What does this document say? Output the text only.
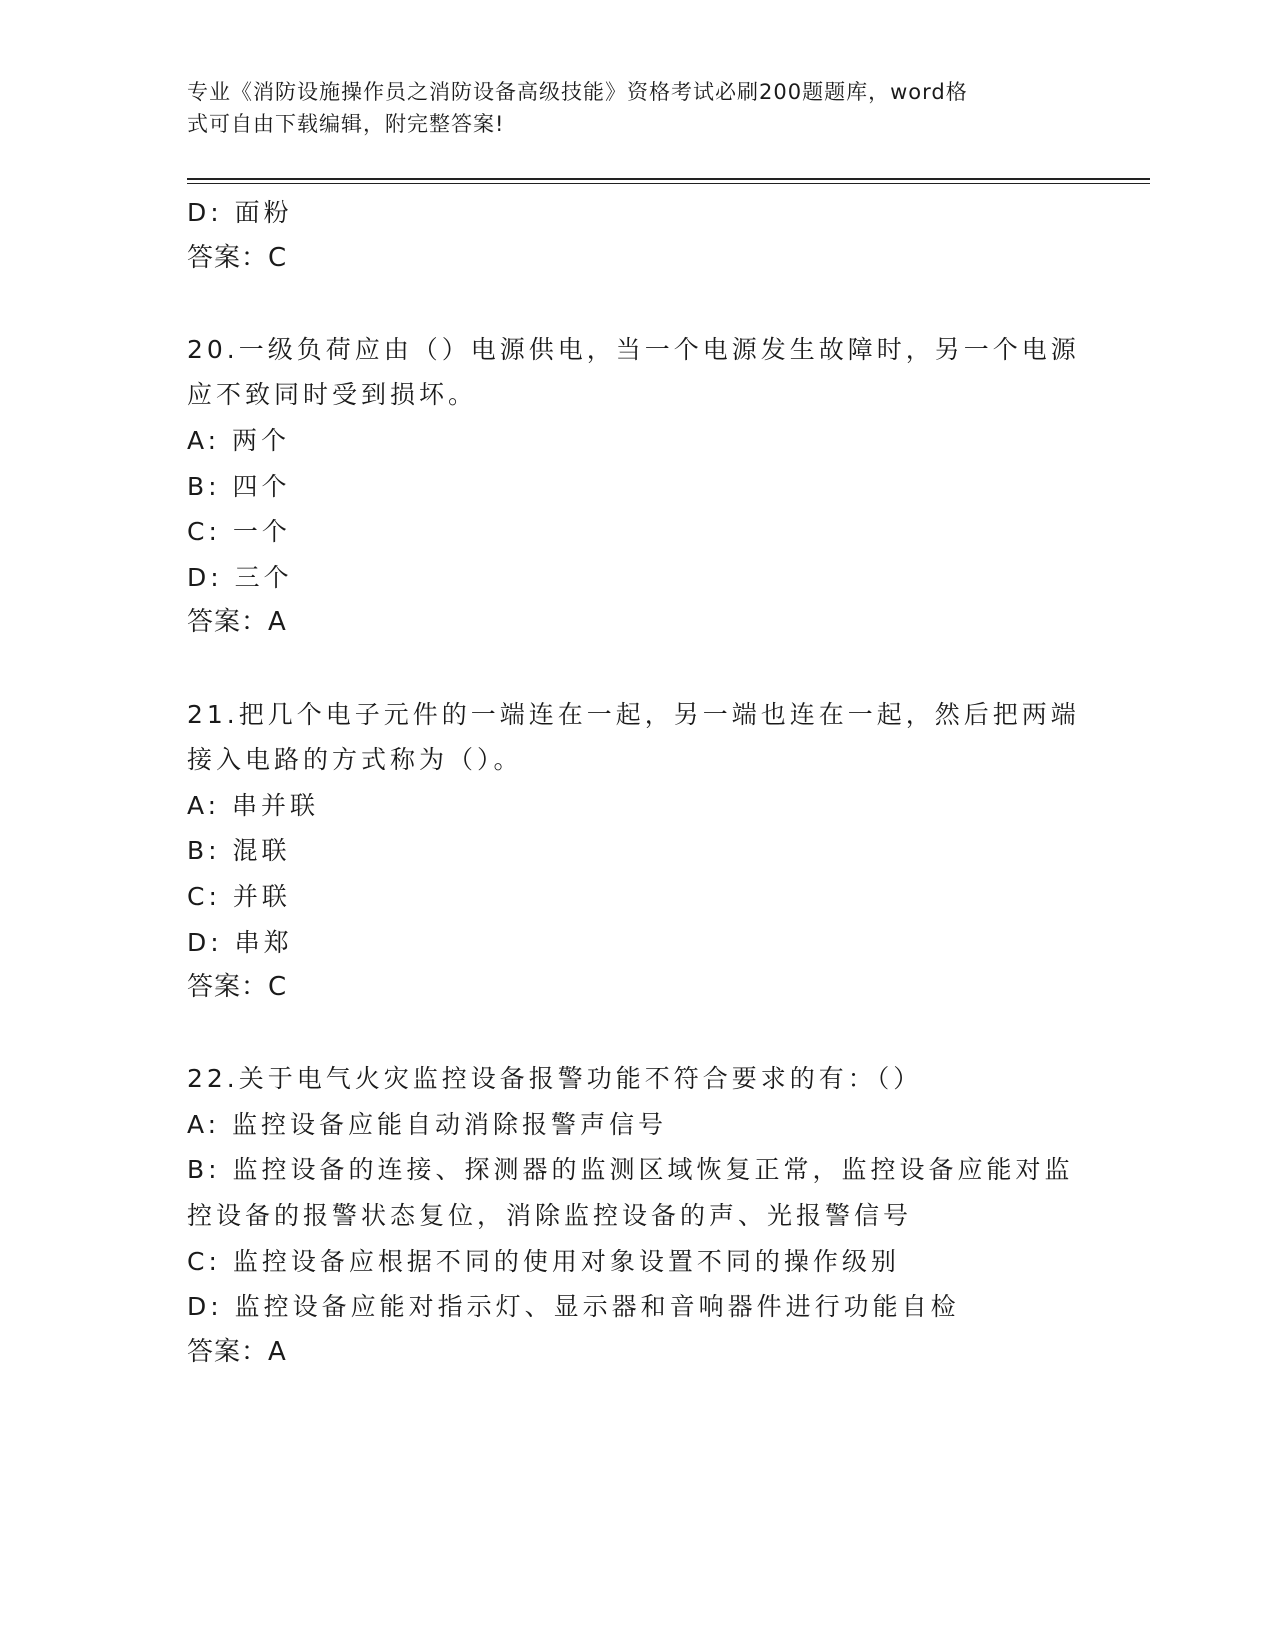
专业《消防设施操作员之消防设备高级技能》资格考试必刷200题题库，word格

式可自由下载编辑，附完整答案!

D: 面粉
答案：C
20.一级负荷应由（）电源供电，当一个电源发生故障时，另一个电源
应不致同时受到损坏。
A: 两个
B: 四个
C: 一个
D: 三个
答案：A
21.把几个电子元件的一端连在一起，另一端也连在一起，然后把两端
接入电路的方式称为（）。
A: 串并联
B: 混联
C: 并联
D: 串郑
答案：C
22.关于电气火灾监控设备报警功能不符合要求的有：（）
A: 监控设备应能自动消除报警声信号
B: 监控设备的连接、探测器的监测区域恢复正常，监控设备应能对监
控设备的报警状态复位，消除监控设备的声、光报警信号
C: 监控设备应根据不同的使用对象设置不同的操作级别
D: 监控设备应能对指示灯、显示器和音响器件进行功能自检
答案：A
